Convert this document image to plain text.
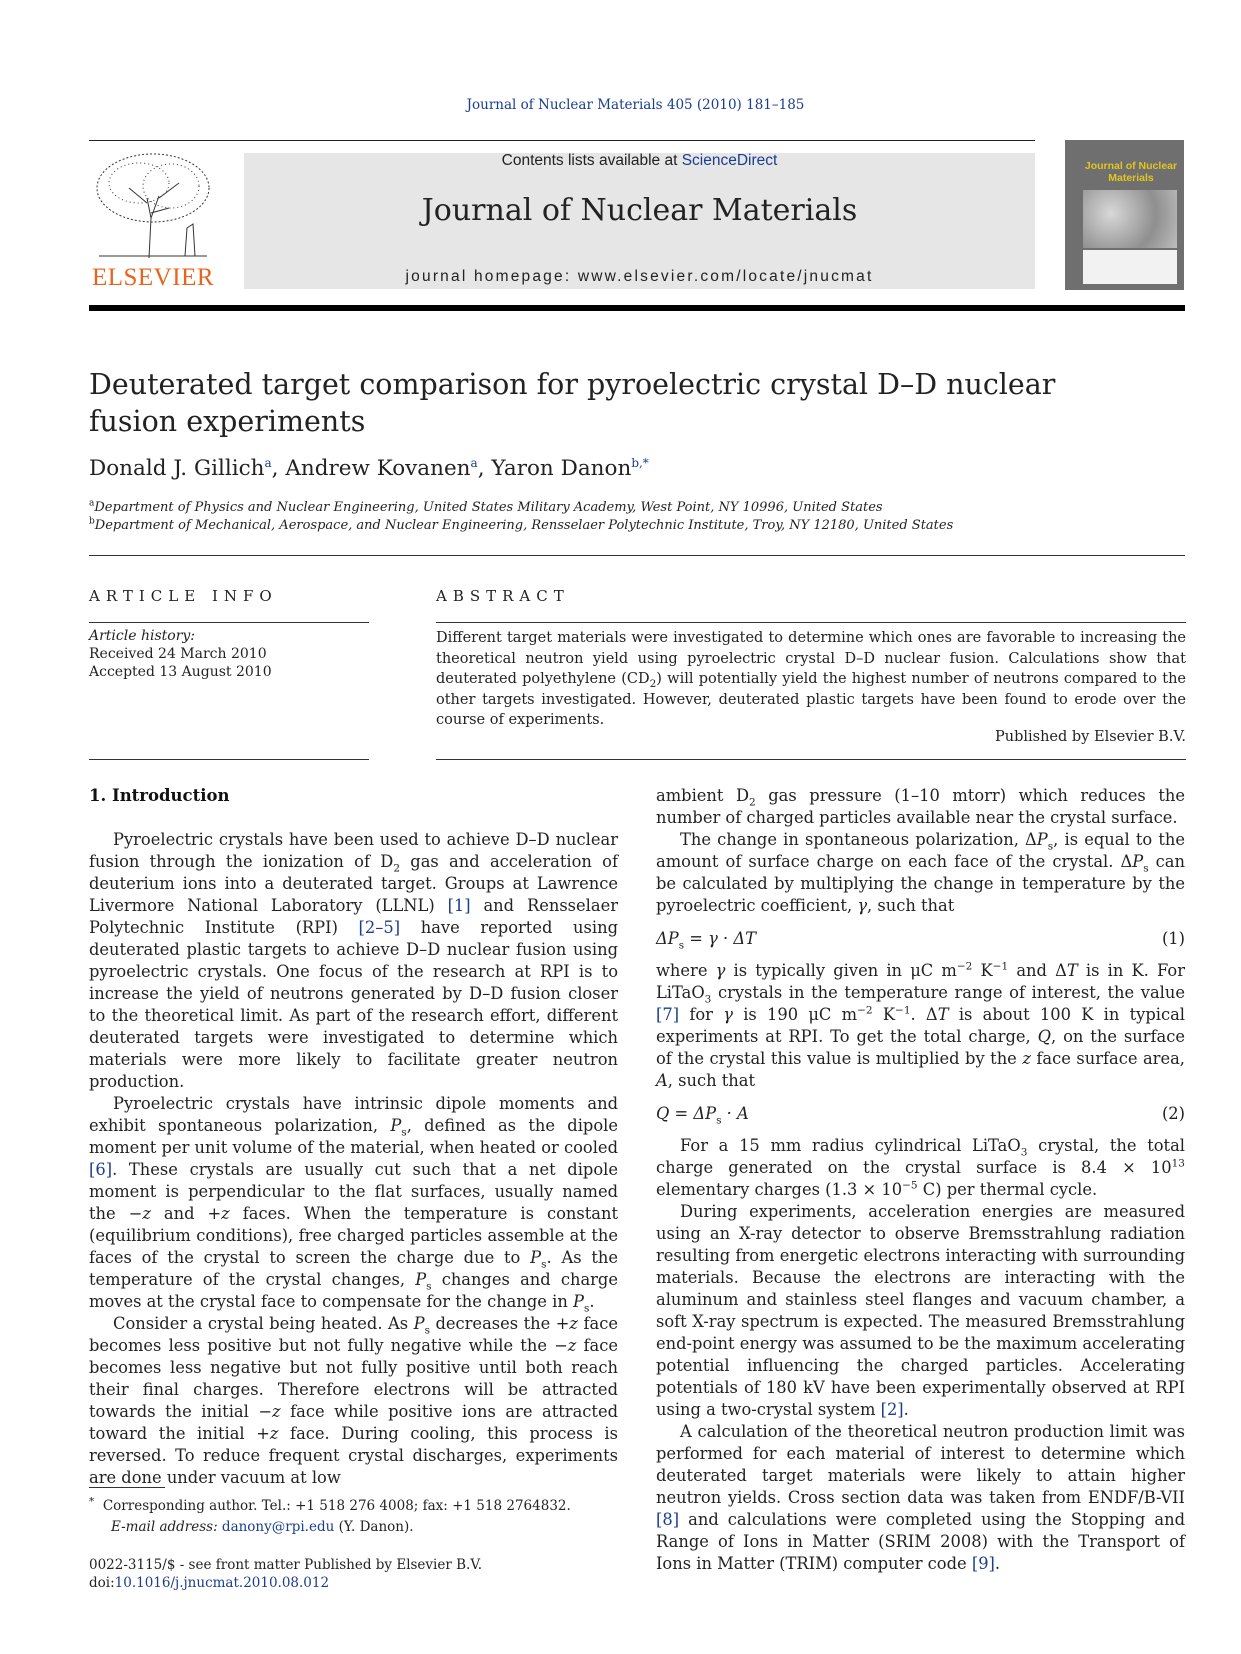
Journal of Nuclear Materials 405 (2010) 181–185
ELSEVIER
Contents lists available at ScienceDirect
Journal of Nuclear Materials
journal homepage: www.elsevier.com/locate/jnucmat
Journal of Nuclear Materials
Deuterated target comparison for pyroelectric crystal D–D nuclear
fusion experiments
Donald J. Gillich$^a$, Andrew Kovanen$^a$, Yaron Danon$^{b,*}$
$^a$Department of Physics and Nuclear Engineering, United States Military Academy, West Point, NY 10996, United States
$^b$Department of Mechanical, Aerospace, and Nuclear Engineering, Rensselaer Polytechnic Institute, Troy, NY 12180, United States
ARTICLE INFO
Article history:
Received 24 March 2010
Accepted 13 August 2010
ABSTRACT
Different target materials were investigated to determine which ones are favorable to increasing the theoretical neutron yield using pyroelectric crystal D–D nuclear fusion. Calculations show that deuterated polyethylene $(CD_2)$ will potentially yield the highest number of neutrons compared to the other targets investigated. However, deuterated plastic targets have been found to erode over the course of experiments.
Published by Elsevier B.V.
1. Introduction

Pyroelectric crystals have been used to achieve D–D nuclear fusion through the ionization of $D_2$ gas and acceleration of deuterium ions into a deuterated target. Groups at Lawrence Livermore National Laboratory (LLNL) [1] and Rensselaer Polytechnic Institute (RPI) [2–5] have reported using deuterated plastic targets to achieve D–D nuclear fusion using pyroelectric crystals. One focus of the research at RPI is to increase the yield of neutrons generated by D–D fusion closer to the theoretical limit. As part of the research effort, different deuterated targets were investigated to determine which materials were more likely to facilitate greater neutron production.

Pyroelectric crystals have intrinsic dipole moments and exhibit spontaneous polarization, $P_s$, defined as the dipole moment per unit volume of the material, when heated or cooled [6]. These crystals are usually cut such that a net dipole moment is perpendicular to the flat surfaces, usually named the −z and +z faces. When the temperature is constant (equilibrium conditions), free charged particles assemble at the faces of the crystal to screen the charge due to $P_s$. As the temperature of the crystal changes, $P_s$ changes and charge moves at the crystal face to compensate for the change in $P_s$.

Consider a crystal being heated. As $P_s$ decreases the +z face becomes less positive but not fully negative while the −z face becomes less negative but not fully positive until both reach their final charges. Therefore electrons will be attracted towards the initial −z face while positive ions are attracted toward the initial +z face. During cooling, this process is reversed. To reduce frequent crystal discharges, experiments are done under vacuum at low

ambient $D_2$ gas pressure (1–10 mtorr) which reduces the number of charged particles available near the crystal surface.

The change in spontaneous polarization, $\Delta P_s$, is equal to the amount of surface charge on each face of the crystal. $\Delta P_s$ can be calculated by multiplying the change in temperature by the pyroelectric coefficient, γ, such that

$\Delta P_s = \gamma \cdot \Delta T$	(1)

where γ is typically given in μC $m^{-2}$ $K^{-1}$ and ΔT is in K. For LiTaO$_3$ crystals in the temperature range of interest, the value [7] for γ is 190 μC $m^{-2}$ $K^{-1}$. ΔT is about 100 K in typical experiments at RPI. To get the total charge, Q, on the surface of the crystal this value is multiplied by the z face surface area, A, such that

$Q = \Delta P_s \cdot A$	(2)

For a 15 mm radius cylindrical LiTaO$_3$ crystal, the total charge generated on the crystal surface is $8.4 \times 10^{13}$ elementary charges ($1.3 \times 10^{-5}$ C) per thermal cycle.

During experiments, acceleration energies are measured using an X-ray detector to observe Bremsstrahlung radiation resulting from energetic electrons interacting with surrounding materials. Because the electrons are interacting with the aluminum and stainless steel flanges and vacuum chamber, a soft X-ray spectrum is expected. The measured Bremsstrahlung end-point energy was assumed to be the maximum accelerating potential influencing the charged particles. Accelerating potentials of 180 kV have been experimentally observed at RPI using a two-crystal system [2].

A calculation of the theoretical neutron production limit was performed for each material of interest to determine which deuterated target materials were likely to attain higher neutron yields. Cross section data was taken from ENDF/B-VII [8] and calculations were completed using the Stopping and Range of Ions in Matter (SRIM 2008) with the Transport of Ions in Matter (TRIM) computer code [9].

* Corresponding author. Tel.: +1 518 276 4008; fax: +1 518 2764832.
E-mail address: danony@rpi.edu (Y. Danon).
0022-3115/$ - see front matter Published by Elsevier B.V.
doi:10.1016/j.jnucmat.2010.08.012
